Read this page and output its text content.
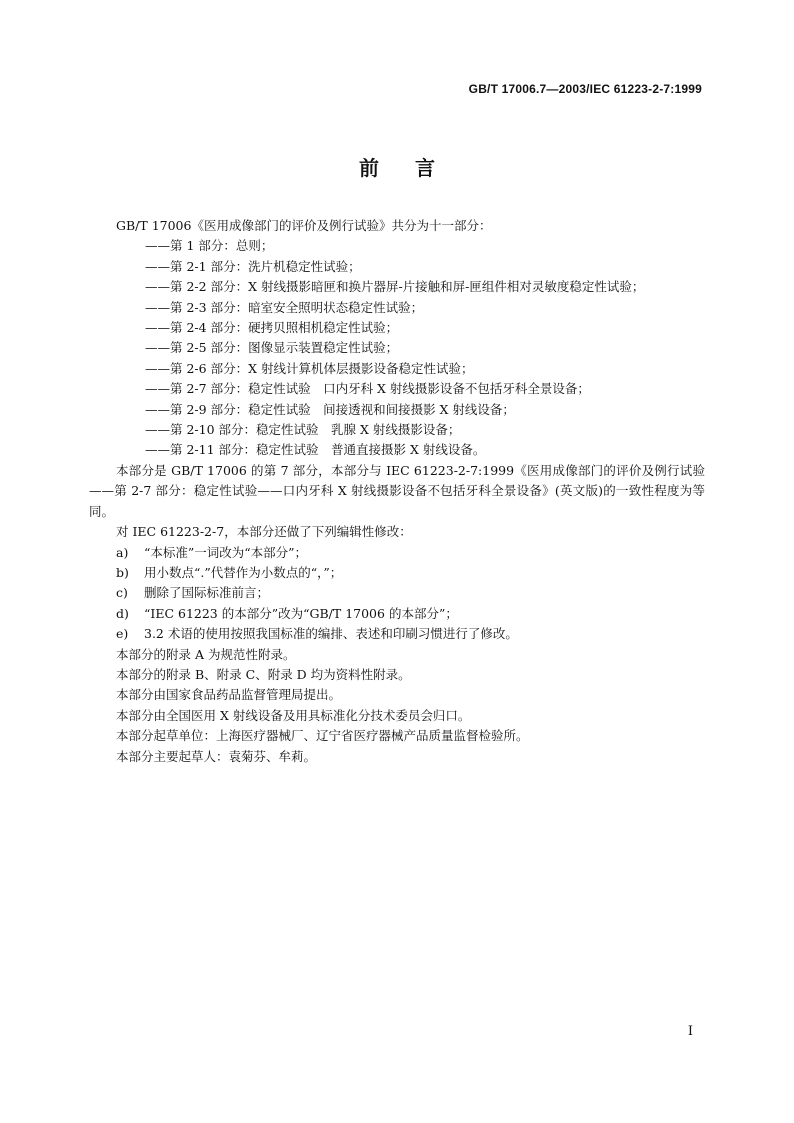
GB/T 17006.7—2003/IEC 61223-2-7:1999
前言

GB/T 17006《医用成像部门的评价及例行试验》共分为十一部分：

——第 1 部分：总则；

——第 2-1 部分：洗片机稳定性试验；

——第 2-2 部分：X 射线摄影暗匣和换片器屏-片接触和屏-匣组件相对灵敏度稳定性试验；

——第 2-3 部分：暗室安全照明状态稳定性试验；

——第 2-4 部分：硬拷贝照相机稳定性试验；

——第 2-5 部分：图像显示装置稳定性试验；

——第 2-6 部分：X 射线计算机体层摄影设备稳定性试验；

——第 2-7 部分：稳定性试验　口内牙科 X 射线摄影设备不包括牙科全景设备；

——第 2-9 部分：稳定性试验　间接透视和间接摄影 X 射线设备；

——第 2-10 部分：稳定性试验　乳腺 X 射线摄影设备；

——第 2-11 部分：稳定性试验　普通直接摄影 X 射线设备。

本部分是 GB/T 17006 的第 7 部分，本部分与 IEC 61223-2-7:1999《医用成像部门的评价及例行试验——第 2-7 部分：稳定性试验——口内牙科 X 射线摄影设备不包括牙科全景设备》(英文版)的一致性程度为等同。

对 IEC 61223-2-7，本部分还做了下列编辑性修改：

a) “本标准”一词改为“本部分”；

b) 用小数点“.”代替作为小数点的“，”；

c) 删除了国际标准前言；

d) “IEC 61223 的本部分”改为“GB/T 17006 的本部分”；

e) 3.2 术语的使用按照我国标准的编排、表述和印刷习惯进行了修改。

本部分的附录 A 为规范性附录。

本部分的附录 B、附录 C、附录 D 均为资料性附录。

本部分由国家食品药品监督管理局提出。

本部分由全国医用 X 射线设备及用具标准化分技术委员会归口。

本部分起草单位：上海医疗器械厂、辽宁省医疗器械产品质量监督检验所。

本部分主要起草人：袁菊芬、牟莉。

I
